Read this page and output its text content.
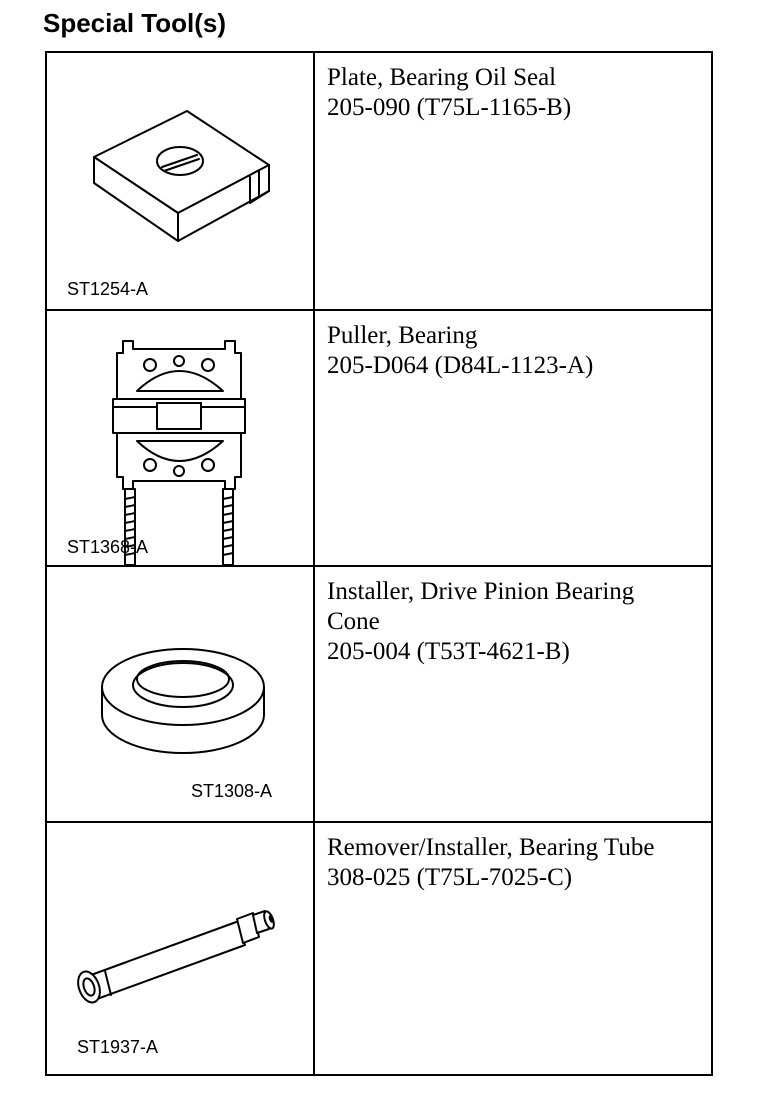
Special Tool(s)
ST1254-A
Plate, Bearing Oil Seal
205-090 (T75L-1165-B)
ST1368-A
Puller, Bearing
205-D064 (D84L-1123-A)
ST1308-A
Installer, Drive Pinion Bearing
Cone
205-004 (T53T-4621-B)
ST1937-A
Remover/Installer, Bearing Tube
308-025 (T75L-7025-C)
